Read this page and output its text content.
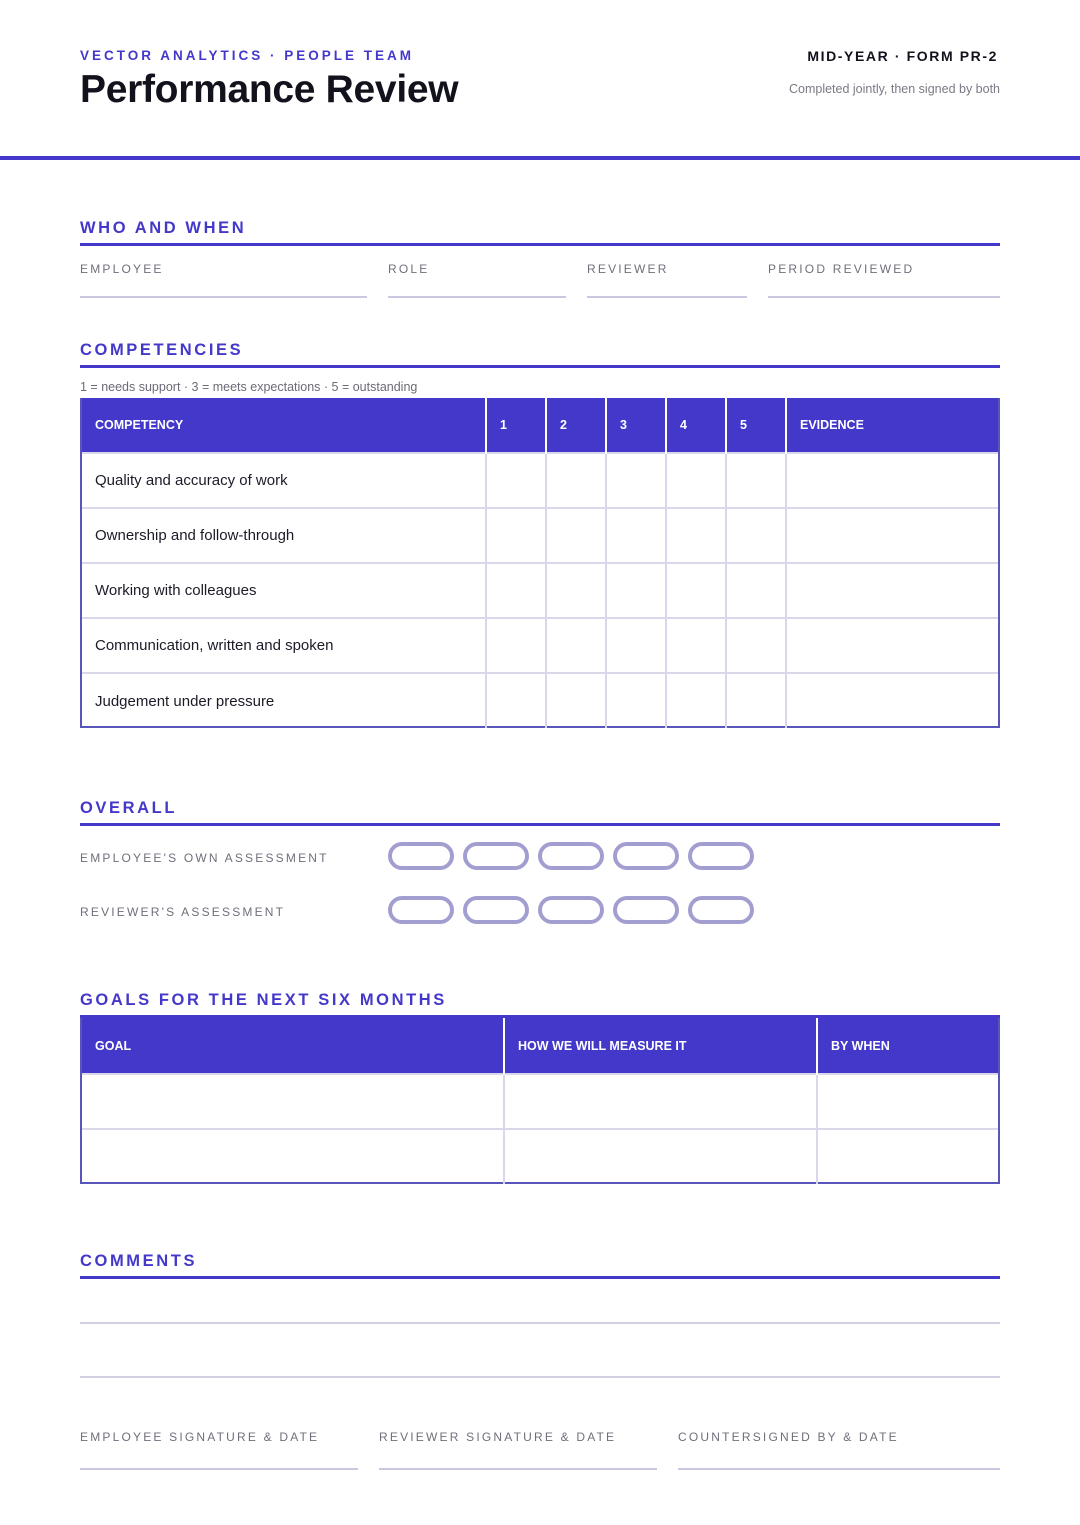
VECTOR ANALYTICS · PEOPLE TEAM
Performance Review
MID-YEAR · FORM PR-2
Completed jointly, then signed by both
WHO AND WHEN
EMPLOYEE	ROLE	REVIEWER	PERIOD REVIEWED
COMPETENCIES
1 = needs support · 3 = meets expectations · 5 = outstanding
COMPETENCY	1	2	3	4	5	EVIDENCE
Quality and accuracy of work						
Ownership and follow-through						
Working with colleagues						
Communication, written and spoken						
Judgement under pressure						
OVERALL
EMPLOYEE'S OWN ASSESSMENT
REVIEWER'S ASSESSMENT
GOALS FOR THE NEXT SIX MONTHS
GOAL	HOW WE WILL MEASURE IT	BY WHEN

COMMENTS
EMPLOYEE SIGNATURE & DATE	REVIEWER SIGNATURE & DATE	COUNTERSIGNED BY & DATE
